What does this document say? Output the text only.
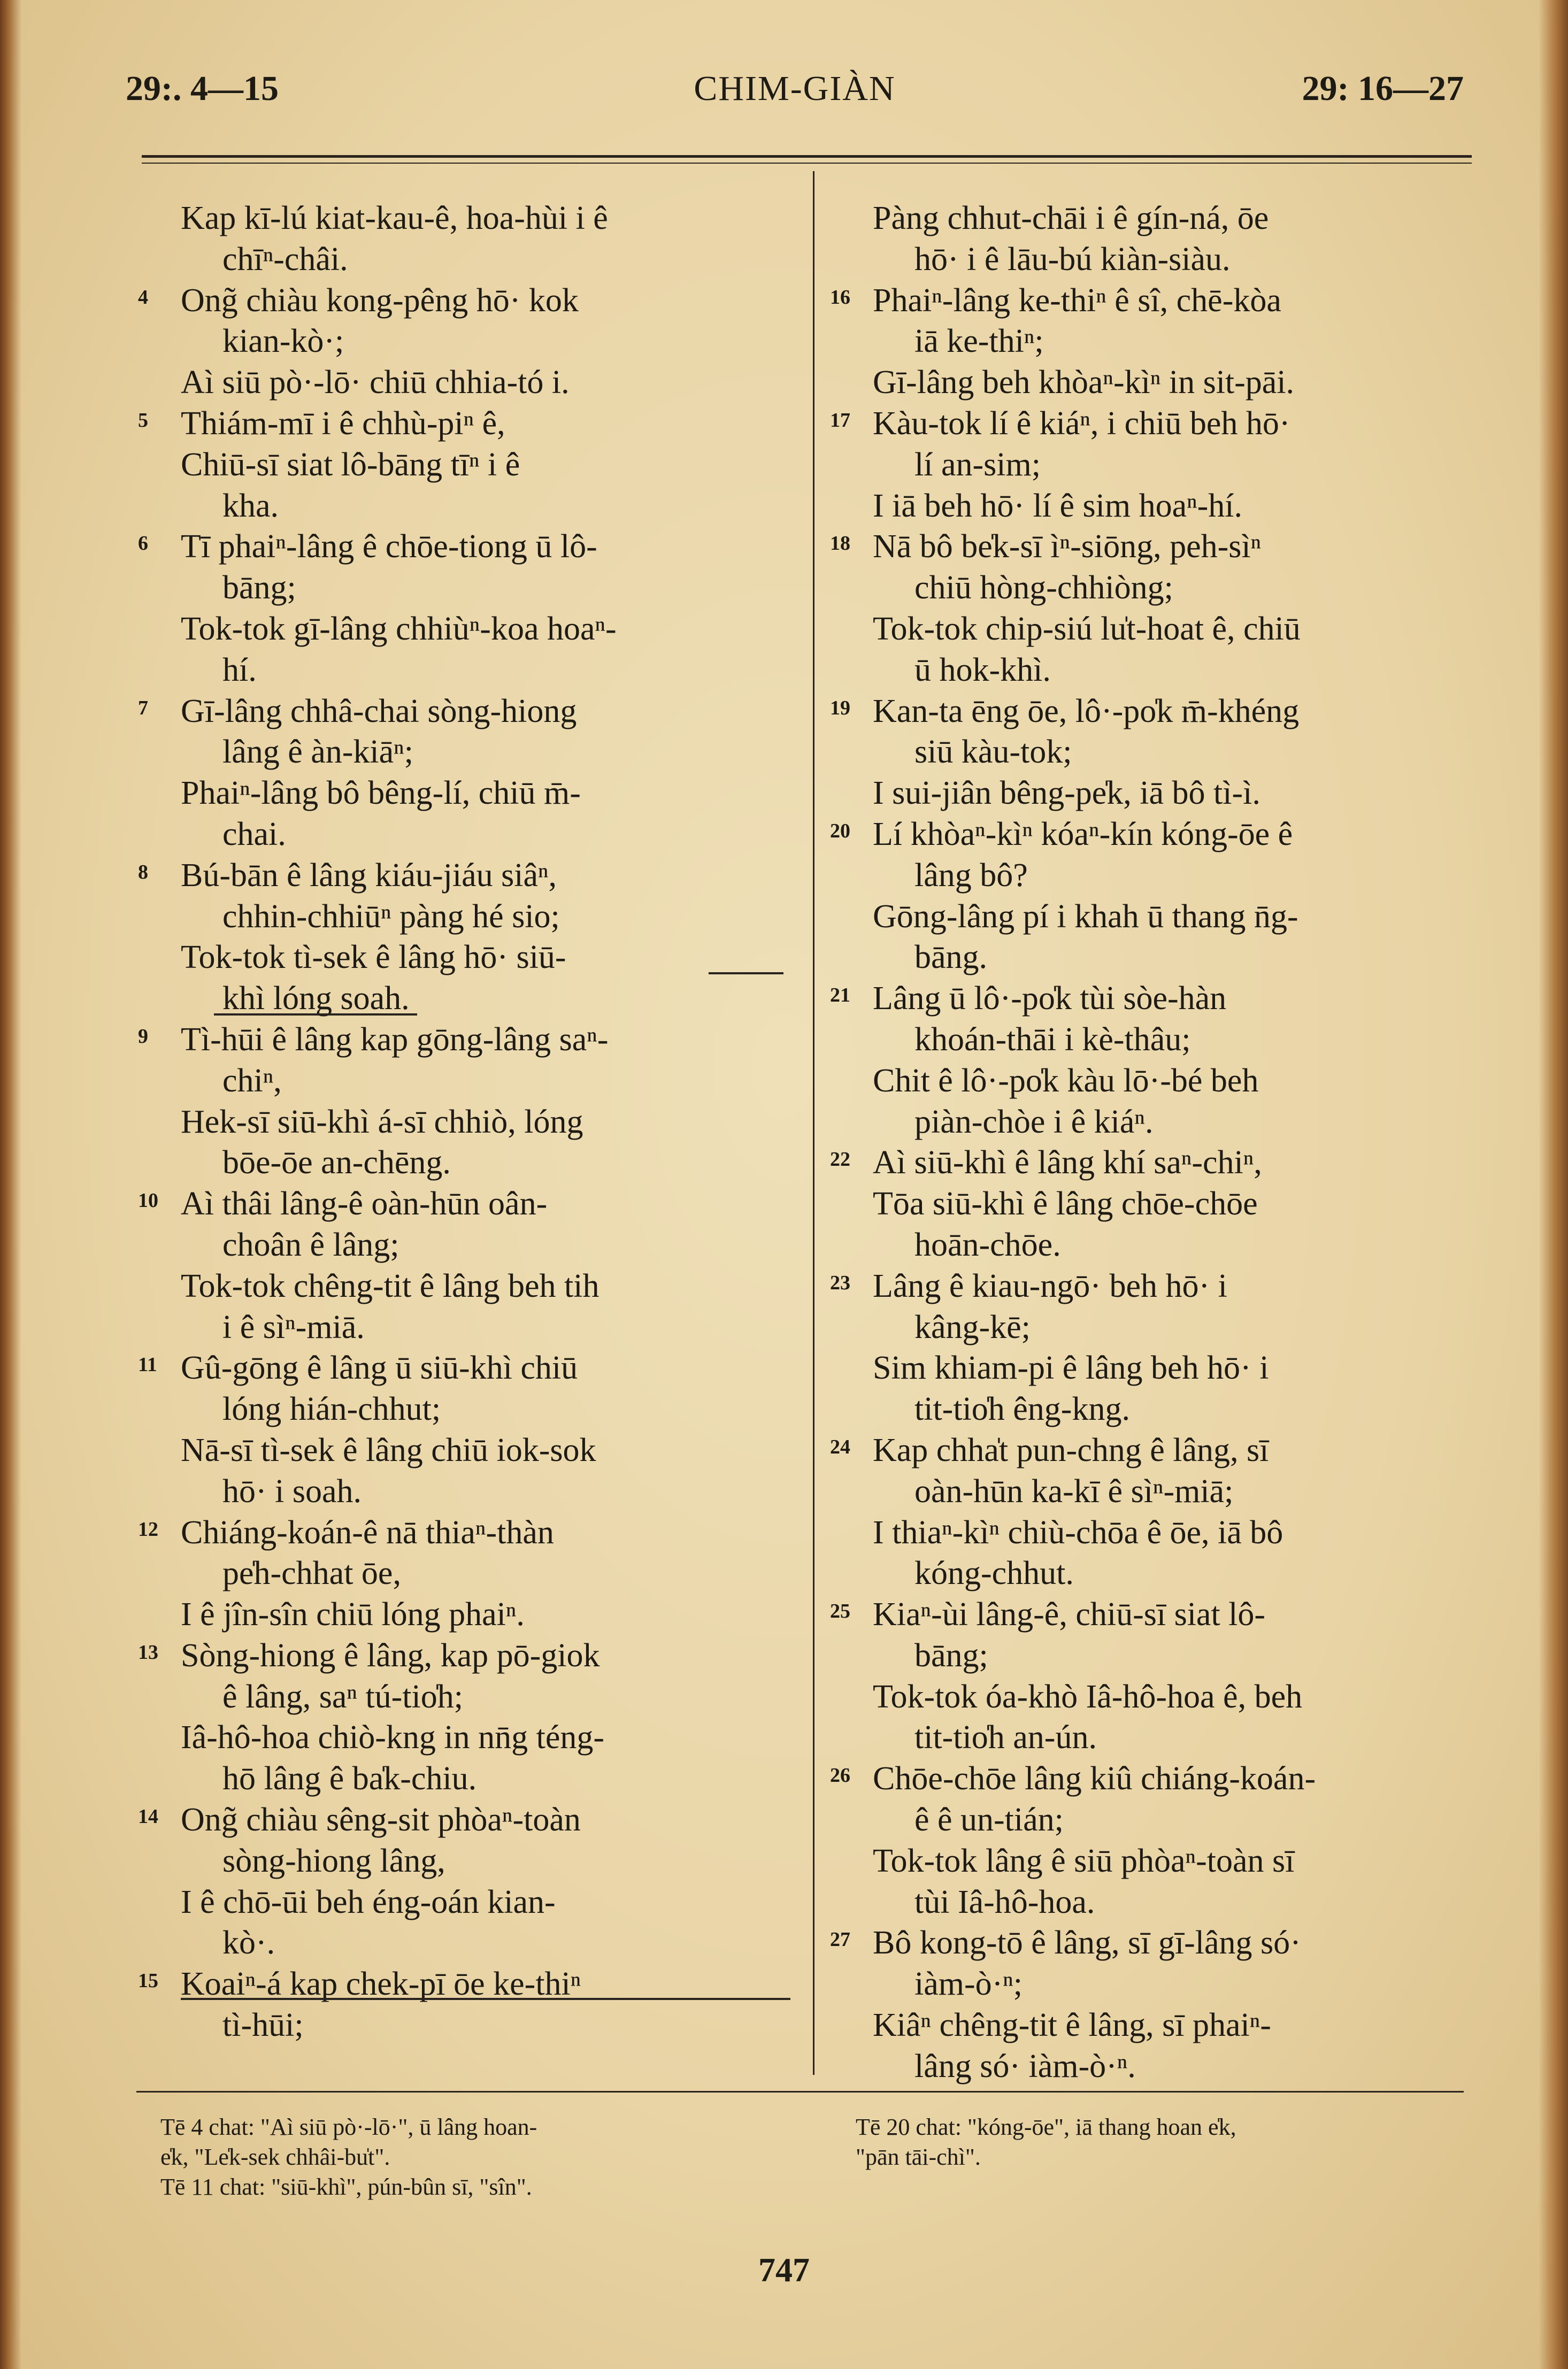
29:. 4—15	CHIM-GIÀN	29: 16—27
Kap kī-lú kiat-kau-ê, hoa-hùi i ê
chīⁿ-châi.
4 Ong̃ chiàu kong-pêng hō· kok
kian-kò·;
Aì siū pò·-lō· chiū chhia-tó i.
5 Thiám-mī i ê chhù-piⁿ ê,
Chiū-sī siat lô-bāng tīⁿ i ê
kha.
6 Tī phaiⁿ-lâng ê chōe-tiong ū lô-
bāng;
Tok-tok gī-lâng chhiùⁿ-koa hoaⁿ-
hí.
7 Gī-lâng chhâ-chai sòng-hiong
lâng ê àn-kiāⁿ;
Phaiⁿ-lâng bô bêng-lí, chiū m̄-
chai.
8 Bú-bān ê lâng kiáu-jiáu siâⁿ,
chhin-chhiūⁿ pàng hé sio;
Tok-tok tì-sek ê lâng hō· siū-
khì lóng soah.
9 Tì-hūi ê lâng kap gōng-lâng saⁿ-
chiⁿ,
Hek-sī siū-khì á-sī chhiò, lóng
bōe-ōe an-chēng.
10 Aì thâi lâng-ê oàn-hūn oân-
choân ê lâng;
Tok-tok chêng-tit ê lâng beh tih
i ê sìⁿ-miā.
11 Gû-gōng ê lâng ū siū-khì chiū
lóng hián-chhut;
Nā-sī tì-sek ê lâng chiū iok-sok
hō· i soah.
12 Chiáng-koán-ê nā thiaⁿ-thàn
pe̍h-chhat ōe,
I ê jîn-sîn chiū lóng phaiⁿ.
13 Sòng-hiong ê lâng, kap pō-giok
ê lâng, saⁿ tú-tio̍h;
Iâ-hô-hoa chiò-kng in nn̄g téng-
hō lâng ê ba̍k-chiu.
14 Ong̃ chiàu sêng-sit phòaⁿ-toàn
sòng-hiong lâng,
I ê chō-ūi beh éng-oán kian-
kò·.
15 Koaiⁿ-á kap chek-pī ōe ke-thiⁿ
tì-hūi;
Pàng chhut-chāi i ê gín-ná, ōe
hō· i ê lāu-bú kiàn-siàu.
16 Phaiⁿ-lâng ke-thiⁿ ê sî, chē-kòa
iā ke-thiⁿ;
Gī-lâng beh khòaⁿ-kìⁿ in sit-pāi.
17 Kàu-tok lí ê kiáⁿ, i chiū beh hō·
lí an-sim;
I iā beh hō· lí ê sim hoaⁿ-hí.
18 Nā bô be̍k-sī ìⁿ-siōng, peh-sìⁿ
chiū hòng-chhiòng;
Tok-tok chip-siú lu̍t-hoat ê, chiū
ū hok-khì.
19 Kan-ta ēng ōe, lô·-po̍k m̄-khéng
siū kàu-tok;
I sui-jiân bêng-pe̍k, iā bô tì-ì.
20 Lí khòaⁿ-kìⁿ kóaⁿ-kín kóng-ōe ê
lâng bô?
Gōng-lâng pí i khah ū thang n̄g-
bāng.
21 Lâng ū lô·-po̍k tùi sòe-hàn
khoán-thāi i kè-thâu;
Chit ê lô·-po̍k kàu lō·-bé beh
piàn-chòe i ê kiáⁿ.
22 Aì siū-khì ê lâng khí saⁿ-chiⁿ,
Tōa siū-khì ê lâng chōe-chōe
hoān-chōe.
23 Lâng ê kiau-ngō· beh hō· i
kâng-kē;
Sim khiam-pi ê lâng beh hō· i
tit-tio̍h êng-kng.
24 Kap chha̍t pun-chng ê lâng, sī
oàn-hūn ka-kī ê sìⁿ-miā;
I thiaⁿ-kìⁿ chiù-chōa ê ōe, iā bô
kóng-chhut.
25 Kiaⁿ-ùi lâng-ê, chiū-sī siat lô-
bāng;
Tok-tok óa-khò Iâ-hô-hoa ê, beh
tit-tio̍h an-ún.
26 Chōe-chōe lâng kiû chiáng-koán-
ê ê un-tián;
Tok-tok lâng ê siū phòaⁿ-toàn sī
tùi Iâ-hô-hoa.
27 Bô kong-tō ê lâng, sī gī-lâng só·
iàm-ò·ⁿ;
Kiâⁿ chêng-tit ê lâng, sī phaiⁿ-
lâng só· iàm-ò·ⁿ.

Tē 4 chat: "Aì siū pò·-lō·", ū lâng hoan-

e̍k, "Le̍k-sek chhâi-bu̍t".

Tē 11 chat: "siū-khì", pún-bûn sī, "sîn".

Tē 20 chat: "kóng-ōe", iā thang hoan e̍k,

"pān tāi-chì".

747
